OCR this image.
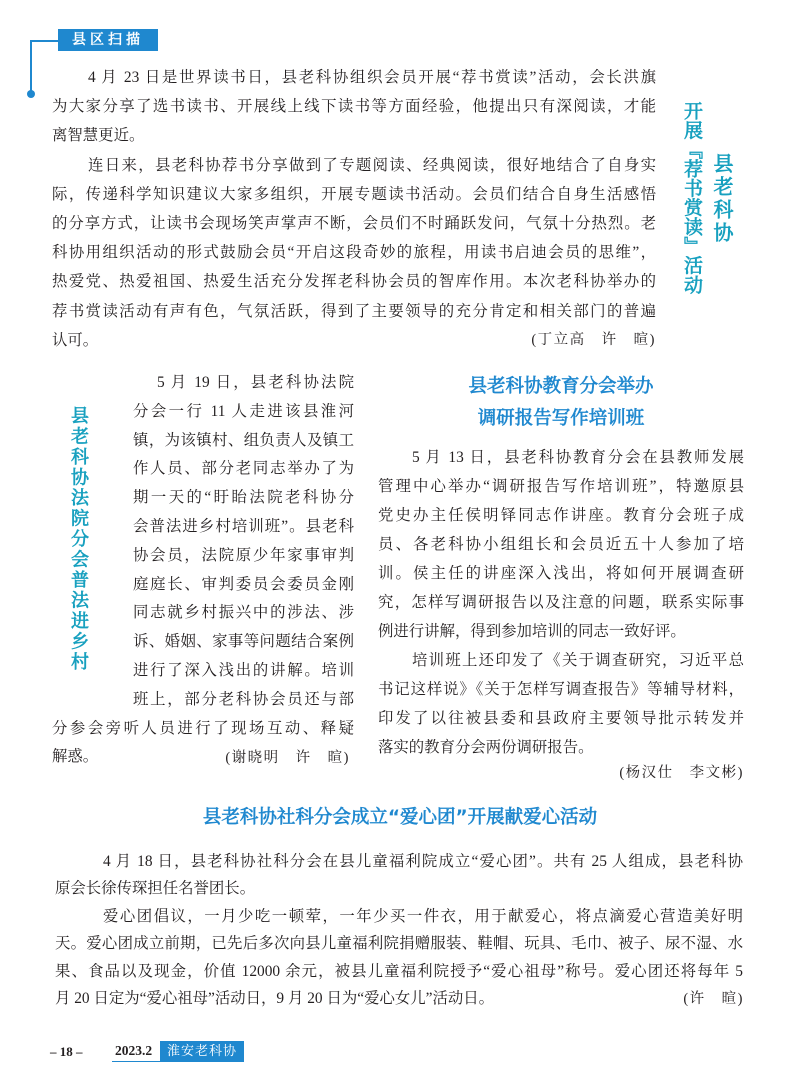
县区扫描
4 月 23 日是世界读书日，县老科协组织会员开展“荐书赏读”活动，会长洪旗
为大家分享了选书读书、开展线上线下读书等方面经验，他提出只有深阅读，才能
离智慧更近。
连日来，县老科协荐书分享做到了专题阅读、经典阅读，很好地结合了自身实
际，传递科学知识建议大家多组织，开展专题读书活动。会员们结合自身生活感悟
的分享方式，让读书会现场笑声掌声不断，会员们不时踊跃发问，气氛十分热烈。老
科协用组织活动的形式鼓励会员“开启这段奇妙的旅程，用读书启迪会员的思维”，
热爱党、热爱祖国、热爱生活充分发挥老科协会员的智库作用。本次老科协举办的
荐书赏读活动有声有色，气氛活跃，得到了主要领导的充分肯定和相关部门的普遍
认可。
县老科协
开展『荐书赏读』活动
(丁立高　许　暄)
县老科协法院分会普法进乡村
5 月 19 日，县老科协法院
分会一行 11 人走进该县淮河
镇，为该镇村、组负责人及镇工
作人员、部分老同志举办了为
期一天的“盱眙法院老科协分
会普法进乡村培训班”。县老科
协会员，法院原少年家事审判
庭庭长、审判委员会委员金刚
同志就乡村振兴中的涉法、涉
诉、婚姻、家事等问题结合案例
进行了深入浅出的讲解。培训
班上，部分老科协会员还与部
分参会旁听人员进行了现场互动、释疑
解惑。	(谢晓明　许　暄)
县老科协教育分会举办
调研报告写作培训班
5 月 13 日，县老科协教育分会在县教师发展
管理中心举办“调研报告写作培训班”，特邀原县
党史办主任侯明铎同志作讲座。教育分会班子成
员、各老科协小组组长和会员近五十人参加了培
训。侯主任的讲座深入浅出，将如何开展调查研
究，怎样写调研报告以及注意的问题，联系实际事
例进行讲解，得到参加培训的同志一致好评。
培训班上还印发了《关于调查研究，习近平总
书记这样说》《关于怎样写调查报告》等辅导材料，
印发了以往被县委和县政府主要领导批示转发并
落实的教育分会两份调研报告。
(杨汉仕　李文彬)
县老科协社科分会成立“爱心团”开展献爱心活动
4 月 18 日，县老科协社科分会在县儿童福利院成立“爱心团”。共有 25 人组成，县老科协
原会长徐传琛担任名誉团长。
爱心团倡议，一月少吃一顿荤，一年少买一件衣，用于献爱心，将点滴爱心营造美好明
天。爱心团成立前期，已先后多次向县儿童福利院捐赠服装、鞋帽、玩具、毛巾、被子、尿不湿、水
果、食品以及现金，价值 12000 余元，被县儿童福利院授予“爱心祖母”称号。爱心团还将每年 5
月 20 日定为“爱心祖母”活动日，9 月 20 日为“爱心女儿”活动日。	(许　暄)
– 18 – 2023.2	淮安老科协
